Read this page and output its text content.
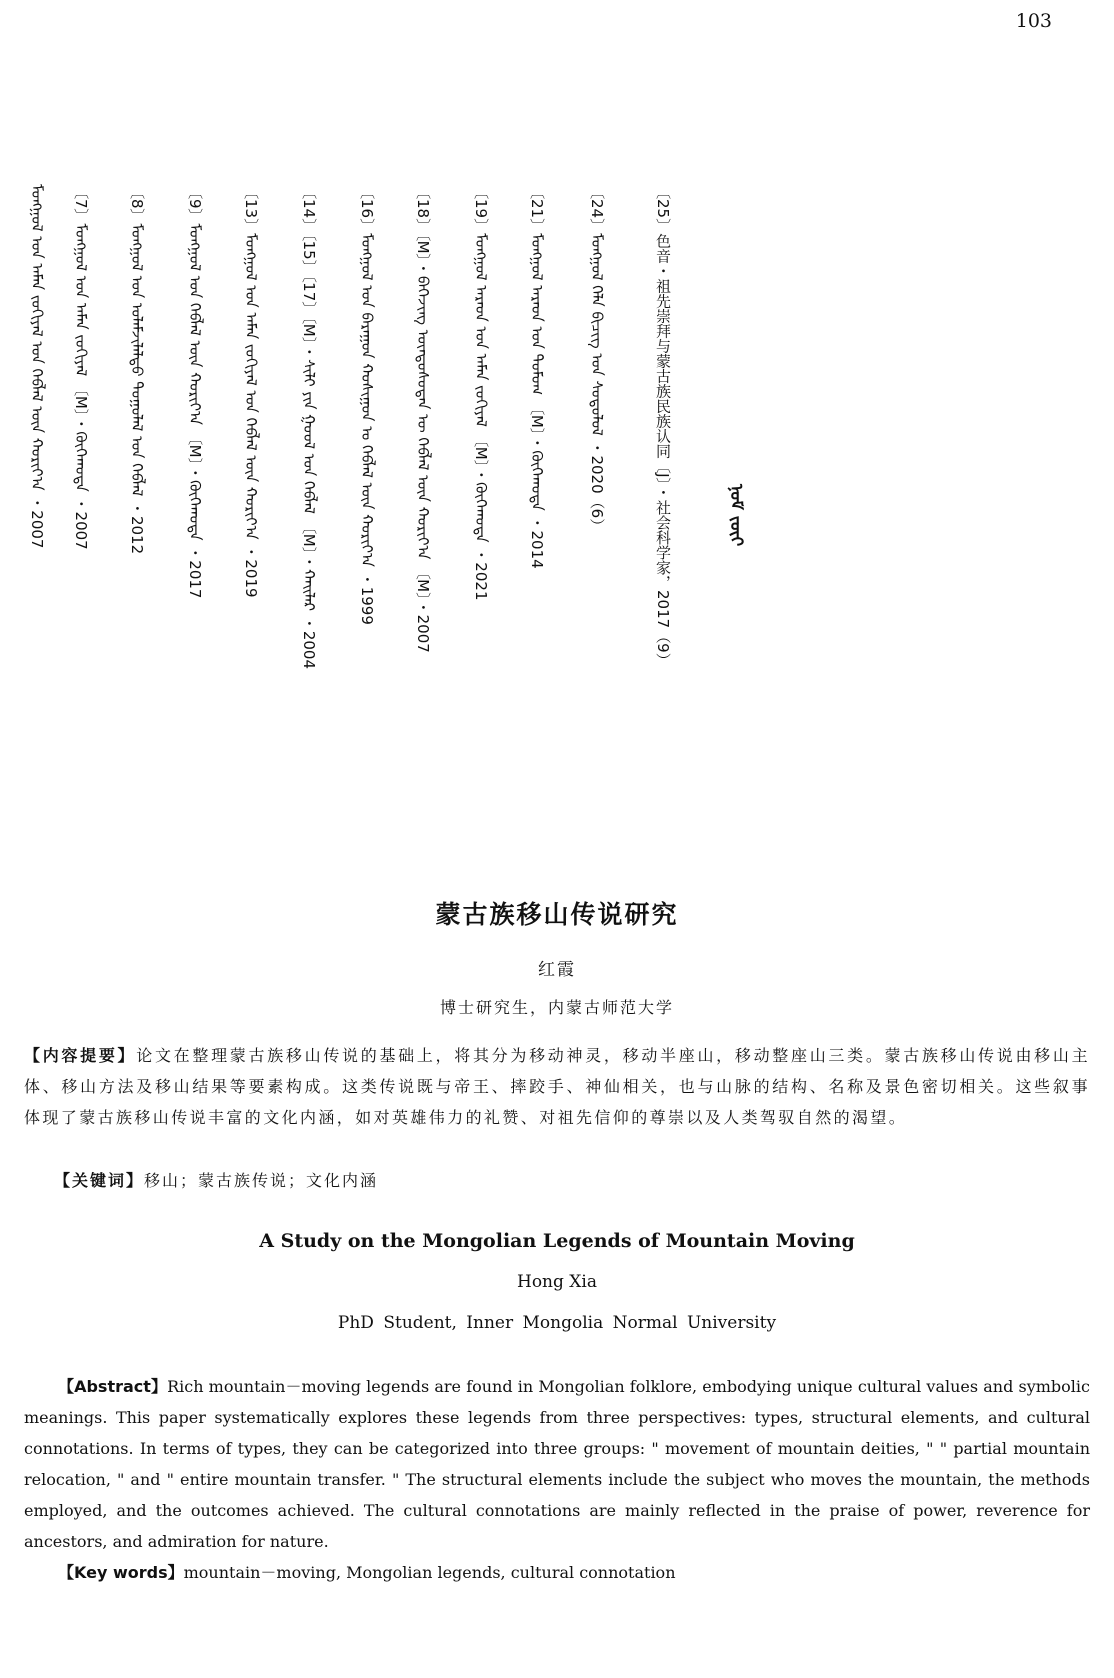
103
ᠨᠣᠮ ᠵᠦᠢ
〔25〕色音・祖先崇拜与蒙古族民族认同〔J〕・社会科学家，2017（9）
〔24〕ᠮᠣᠩᠭᠣᠯ ᠬᠡᠯᠡ ᠪᠢᠴᠢᠭ ᠤᠨ ᠰᠤᠳᠤᠯᠤᠯ ・2020（6）
〔21〕ᠮᠣᠩᠭᠣᠯ ᠠᠷᠠᠳ ᠤᠨ ᠳᠤᠮᠤᠭ 〔M〕・ᠬᠥᠬᠡᠬᠣᠲᠠ ・2014
〔19〕ᠮᠣᠩᠭᠣᠯ ᠠᠷᠠᠳ ᠤᠨ ᠠᠮᠠᠨ ᠵᠣᠬᠢᠶᠠᠯ 〔M〕・ᠬᠥᠬᠡᠬᠣᠲᠠ ・2021
〔18〕〔M〕・ᠪᠡᠭᠡᠵᠢᠩ ᠦᠨᠳᠦᠰᠦᠲᠡᠨ ᠦ ᠬᠡᠪᠯᠡᠯ ᠦᠨ ᠬᠣᠷᠢᠶ᠎ᠠ 〔M〕・2007
〔16〕ᠮᠣᠩᠭᠣᠯ ᠤᠨ ᠪᠠᠷᠠᠭᠤᠨ ᠬᠣᠰᠢᠭᠤᠨ ᠤ ᠬᠡᠪᠯᠡᠯ ᠦᠨ ᠬᠣᠷᠢᠶ᠎ᠠ ・1999
〔14〕〔15〕〔17〕〔M〕・ᠰᠢᠯᠢ ᠶᠢᠨ ᠭᠣᠣᠯ ᠤᠨ ᠬᠡᠪᠯᠡᠯ 〔M〕・ᠬᠠᠢᠯᠠᠷ ・2004
〔13〕ᠮᠣᠩᠭᠣᠯ ᠤᠨ ᠠᠮᠠᠨ ᠵᠣᠬᠢᠶᠠᠯ ᠤᠨ ᠬᠡᠪᠯᠡᠯ ᠦᠨ ᠬᠣᠷᠢᠶ᠎ᠠ ・2019
〔9〕ᠮᠣᠩᠭᠣᠯ ᠤᠨ ᠬᠡᠪᠯᠡᠯ ᠦᠨ ᠬᠣᠷᠢᠶ᠎ᠠ 〔M〕・ᠬᠥᠬᠡᠬᠣᠲᠠ ・2017
〔8〕ᠮᠣᠩᠭᠣᠯ ᠤᠨ ᠤᠯᠠᠮᠵᠢᠯᠠᠯᠲᠤ ᠳᠤᠭᠤᠯᠠᠯ ᠤᠨ ᠬᠡᠪᠯᠡᠯ ・2012
〔7〕ᠮᠣᠩᠭᠣᠯ ᠤᠨ ᠠᠮᠠᠨ ᠵᠣᠬᠢᠶᠠᠯ 〔M〕・ᠬᠥᠬᠡᠬᠣᠲᠠ ・2007
ᠮᠣᠩᠭᠣᠯ ᠤᠨ ᠠᠮᠠᠨ ᠵᠣᠬᠢᠶᠠᠯ ᠤᠨ ᠬᠡᠪᠯᠡᠯ ᠦᠨ ᠬᠣᠷᠢᠶ᠎ᠠ ・2007
蒙古族移山传说研究
红霞
博士研究生，内蒙古师范大学
【内容提要】论文在整理蒙古族移山传说的基础上，将其分为移动神灵，移动半座山，移动整座山三类。蒙古族移山传说由移山主体、移山方法及移山结果等要素构成。这类传说既与帝王、摔跤手、神仙相关，也与山脉的结构、名称及景色密切相关。这些叙事体现了蒙古族移山传说丰富的文化内涵，如对英雄伟力的礼赞、对祖先信仰的尊崇以及人类驾驭自然的渴望。
【关键词】移山；蒙古族传说；文化内涵
A Study on the Mongolian Legends of Mountain Moving
Hong Xia
PhD Student, Inner Mongolia Normal University
【Abstract】Rich mountain－moving legends are found in Mongolian folklore, embodying unique cultural values and symbolic meanings. This paper systematically explores these legends from three perspectives: types, structural elements, and cultural connotations. In terms of types, they can be categorized into three groups: " movement of mountain deities, " " partial mountain relocation, " and " entire mountain transfer. " The structural elements include the subject who moves the mountain, the methods employed, and the outcomes achieved. The cultural connotations are mainly reflected in the praise of power, reverence for ancestors, and admiration for nature.
【Key words】mountain－moving, Mongolian legends, cultural connotation
